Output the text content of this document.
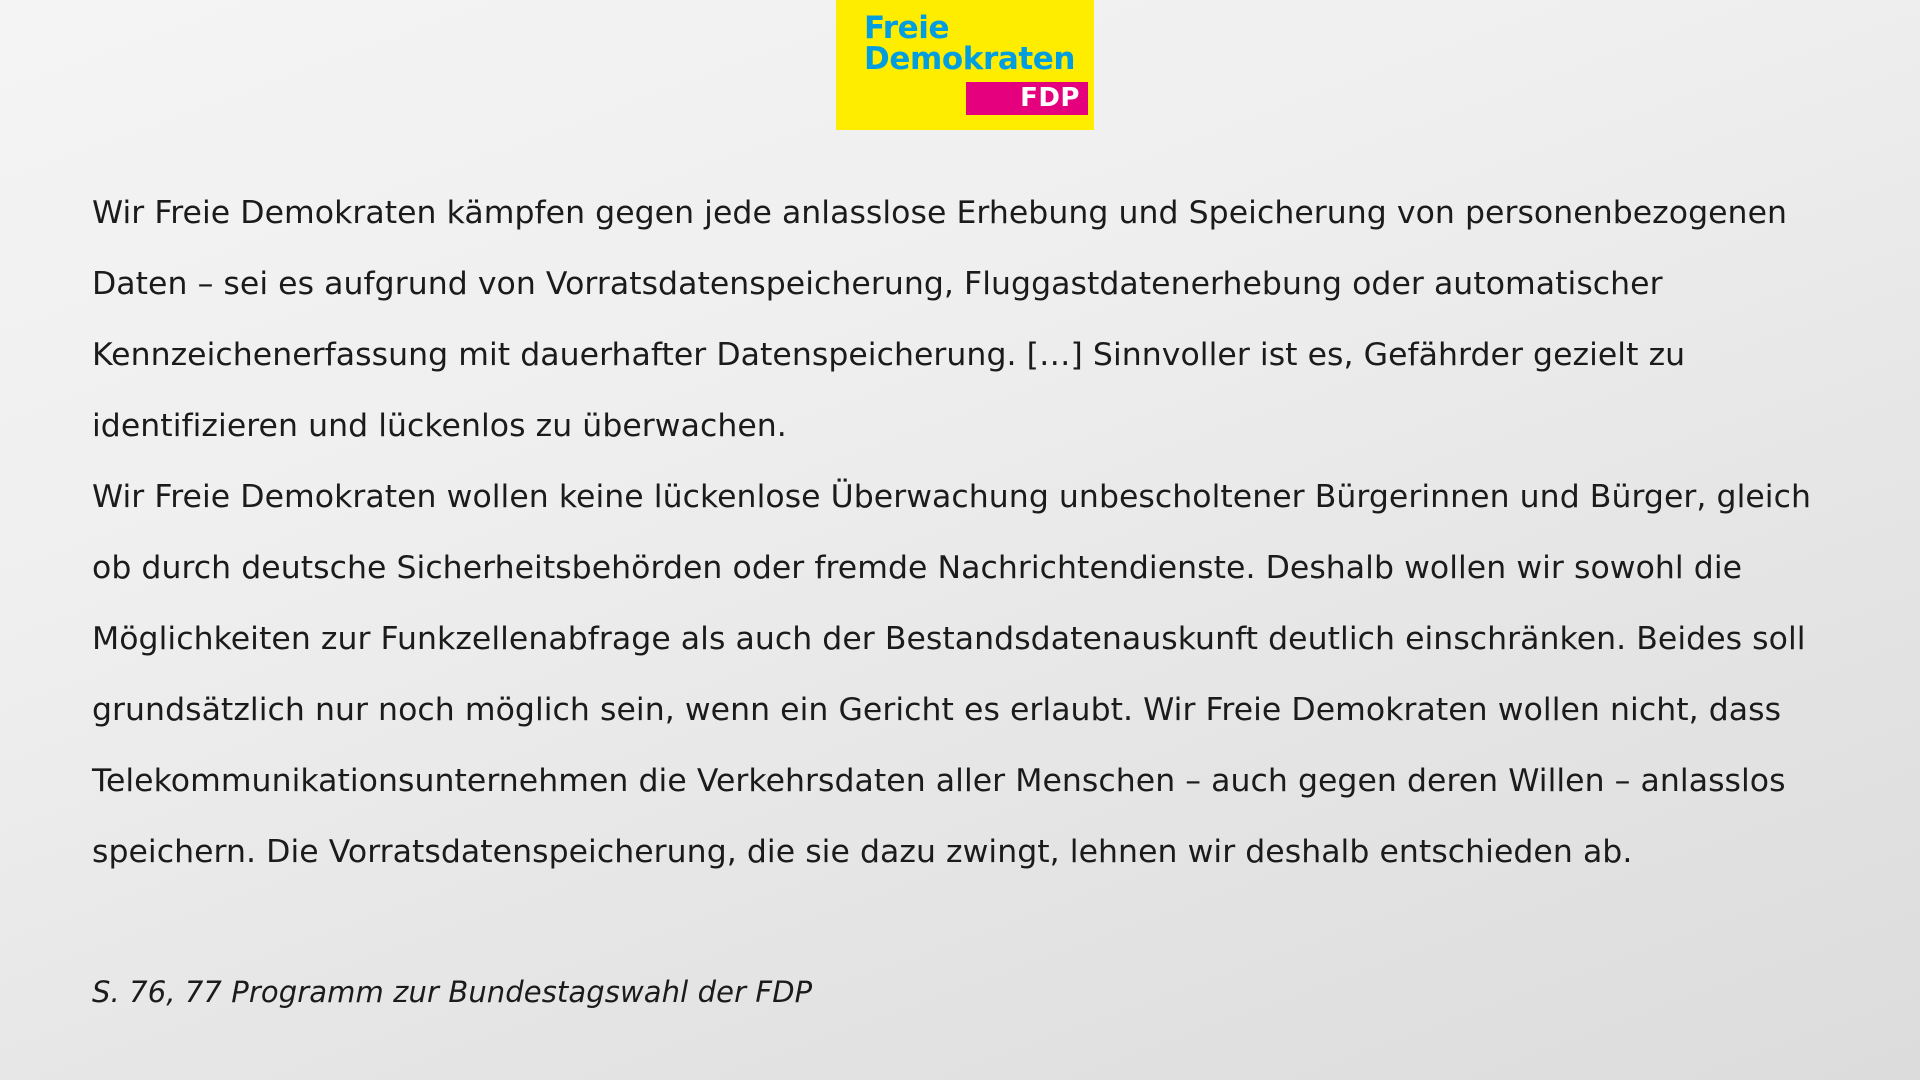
Freie
Demokraten
FDP

Wir Freie Demokraten kämpfen gegen jede anlasslose Erhebung und Speicherung von personenbezogenen Daten – sei es aufgrund von Vorratsdatenspeicherung, Fluggastdatenerhebung oder automatischer Kennzeichenerfassung mit dauerhafter Datenspeicherung. […] Sinnvoller ist es, Gefährder gezielt zu identifizieren und lückenlos zu überwachen.

Wir Freie Demokraten wollen keine lückenlose Überwachung unbescholtener Bürgerinnen und Bürger, gleich ob durch deutsche Sicherheitsbehörden oder fremde Nachrichtendienste. Deshalb wollen wir sowohl die Möglichkeiten zur Funkzellenabfrage als auch der Bestandsdatenauskunft deutlich einschränken. Beides soll grundsätzlich nur noch möglich sein, wenn ein Gericht es erlaubt. Wir Freie Demokraten wollen nicht, dass Telekommunikationsunternehmen die Verkehrsdaten aller Menschen – auch gegen deren Willen – anlasslos speichern. Die Vorratsdatenspeicherung, die sie dazu zwingt, lehnen wir deshalb entschieden ab.

S. 76, 77 Programm zur Bundestagswahl der FDP
